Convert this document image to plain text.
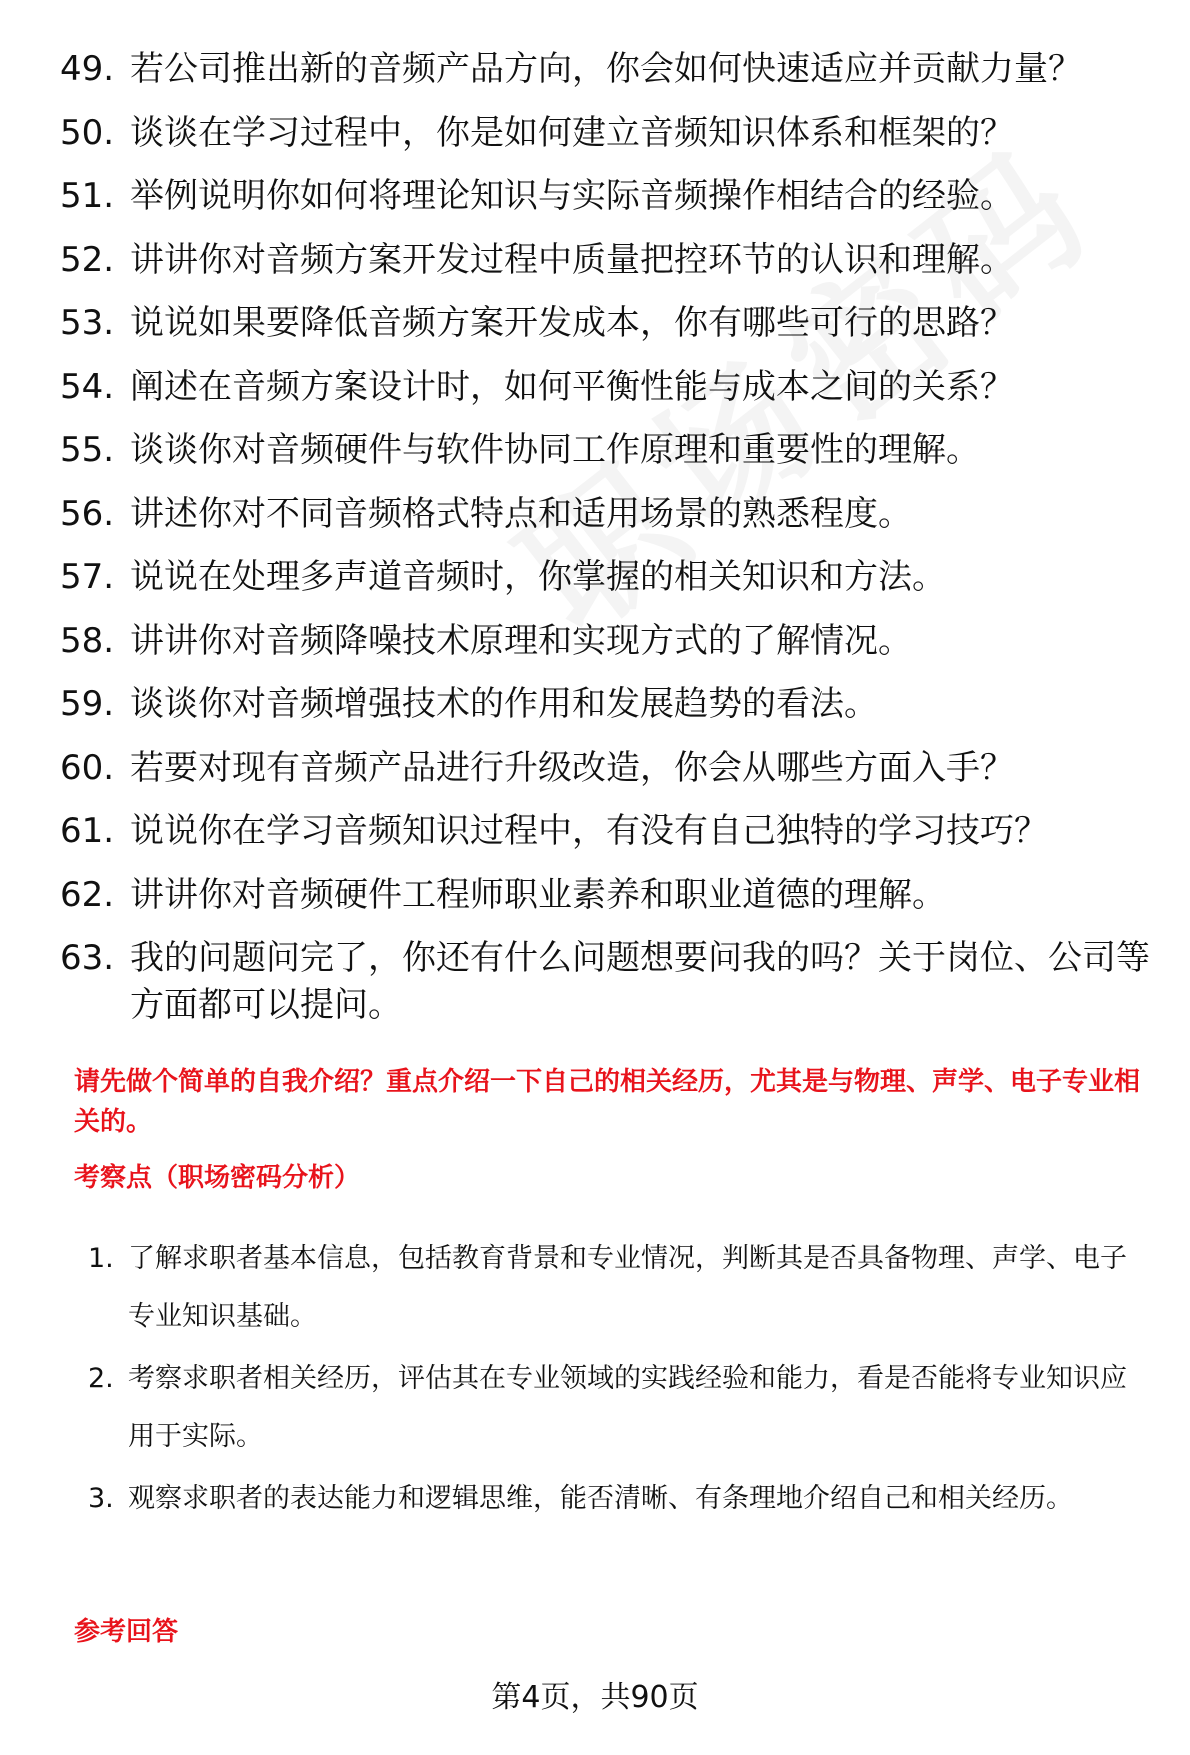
49. 若公司推出新的音频产品方向，你会如何快速适应并贡献力量？
50. 谈谈在学习过程中，你是如何建立音频知识体系和框架的？
51. 举例说明你如何将理论知识与实际音频操作相结合的经验。
52. 讲讲你对音频方案开发过程中质量把控环节的认识和理解。
53. 说说如果要降低音频方案开发成本，你有哪些可行的思路？
54. 阐述在音频方案设计时，如何平衡性能与成本之间的关系？
55. 谈谈你对音频硬件与软件协同工作原理和重要性的理解。
56. 讲述你对不同音频格式特点和适用场景的熟悉程度。
57. 说说在处理多声道音频时，你掌握的相关知识和方法。
58. 讲讲你对音频降噪技术原理和实现方式的了解情况。
59. 谈谈你对音频增强技术的作用和发展趋势的看法。
60. 若要对现有音频产品进行升级改造，你会从哪些方面入手？
61. 说说你在学习音频知识过程中，有没有自己独特的学习技巧？
62. 讲讲你对音频硬件工程师职业素养和职业道德的理解。
63. 我的问题问完了，你还有什么问题想要问我的吗？关于岗位、公司等方面都可以提问。
请先做个简单的自我介绍？重点介绍一下自己的相关经历，尤其是与物理、声学、电子专业相关的。
考察点（职场密码分析）
1. 了解求职者基本信息，包括教育背景和专业情况，判断其是否具备物理、声学、电子专业知识基础。
2. 考察求职者相关经历，评估其在专业领域的实践经验和能力，看是否能将专业知识应用于实际。
3. 观察求职者的表达能力和逻辑思维，能否清晰、有条理地介绍自己和相关经历。
参考回答
第4页，共90页
